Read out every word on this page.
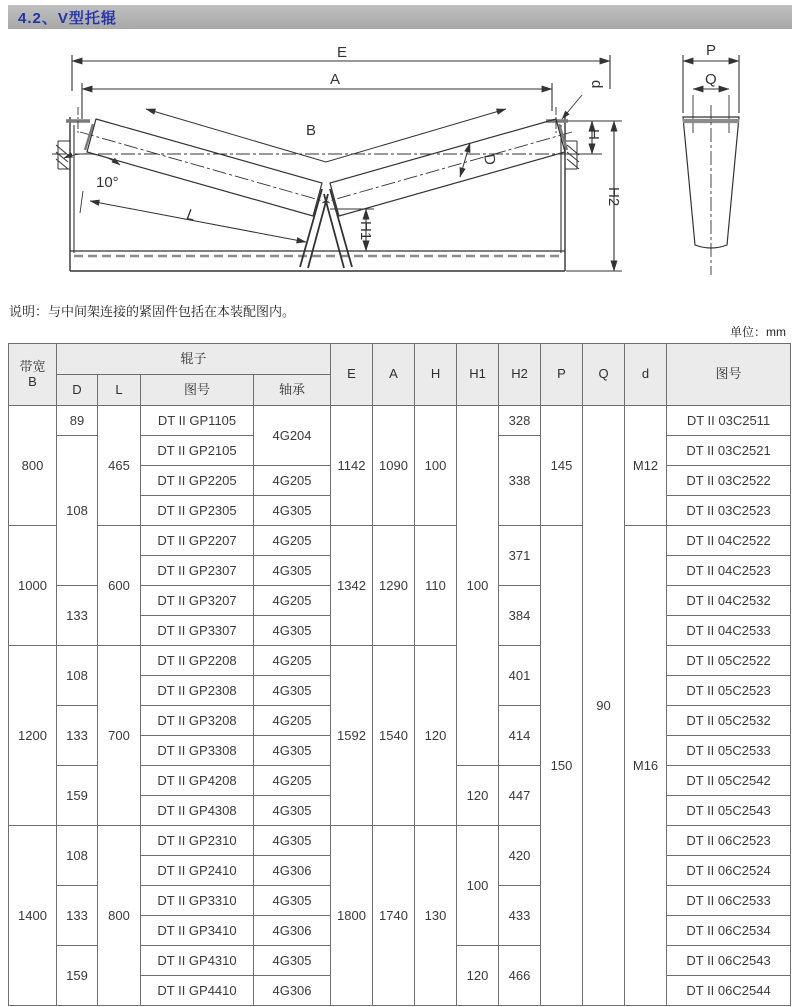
4.2、V型托辊
E
A
B
d
H
H1
H2
L
10°
D
P
Q
说明：与中间架连接的紧固件包括在本装配图内。
单位：mm
带宽
B	辊子				E	A	H	H1	H2	P	Q	d	图号
	D	L	图号	轴承									
800	89	465	DT II GP1105	4G204	1142	1090	100	100	328	145	90	M12	DT II 03C2511
	108		DT II GP2105						338				DT II 03C2521
			DT II GP2205	4G205									DT II 03C2522
			DT II GP2305	4G305									DT II 03C2523
1000		600	DT II GP2207	4G205	1342	1290	110		371	150		M16	DT II 04C2522
			DT II GP2307	4G305									DT II 04C2523
	133		DT II GP3207	4G205					384				DT II 04C2532
			DT II GP3307	4G305									DT II 04C2533
1200	108	700	DT II GP2208	4G205	1592	1540	120		401				DT II 05C2522
			DT II GP2308	4G305									DT II 05C2523
	133		DT II GP3208	4G205					414				DT II 05C2532
			DT II GP3308	4G305									DT II 05C2533
	159		DT II GP4208	4G205				120	447				DT II 05C2542
			DT II GP4308	4G305									DT II 05C2543
1400	108	800	DT II GP2310	4G305	1800	1740	130	100	420				DT II 06C2523
			DT II GP2410	4G306									DT II 06C2524
	133		DT II GP3310	4G305					433				DT II 06C2533
			DT II GP3410	4G306									DT II 06C2534
	159		DT II GP4310	4G305				120	466				DT II 06C2543
			DT II GP4410	4G306									DT II 06C2544
